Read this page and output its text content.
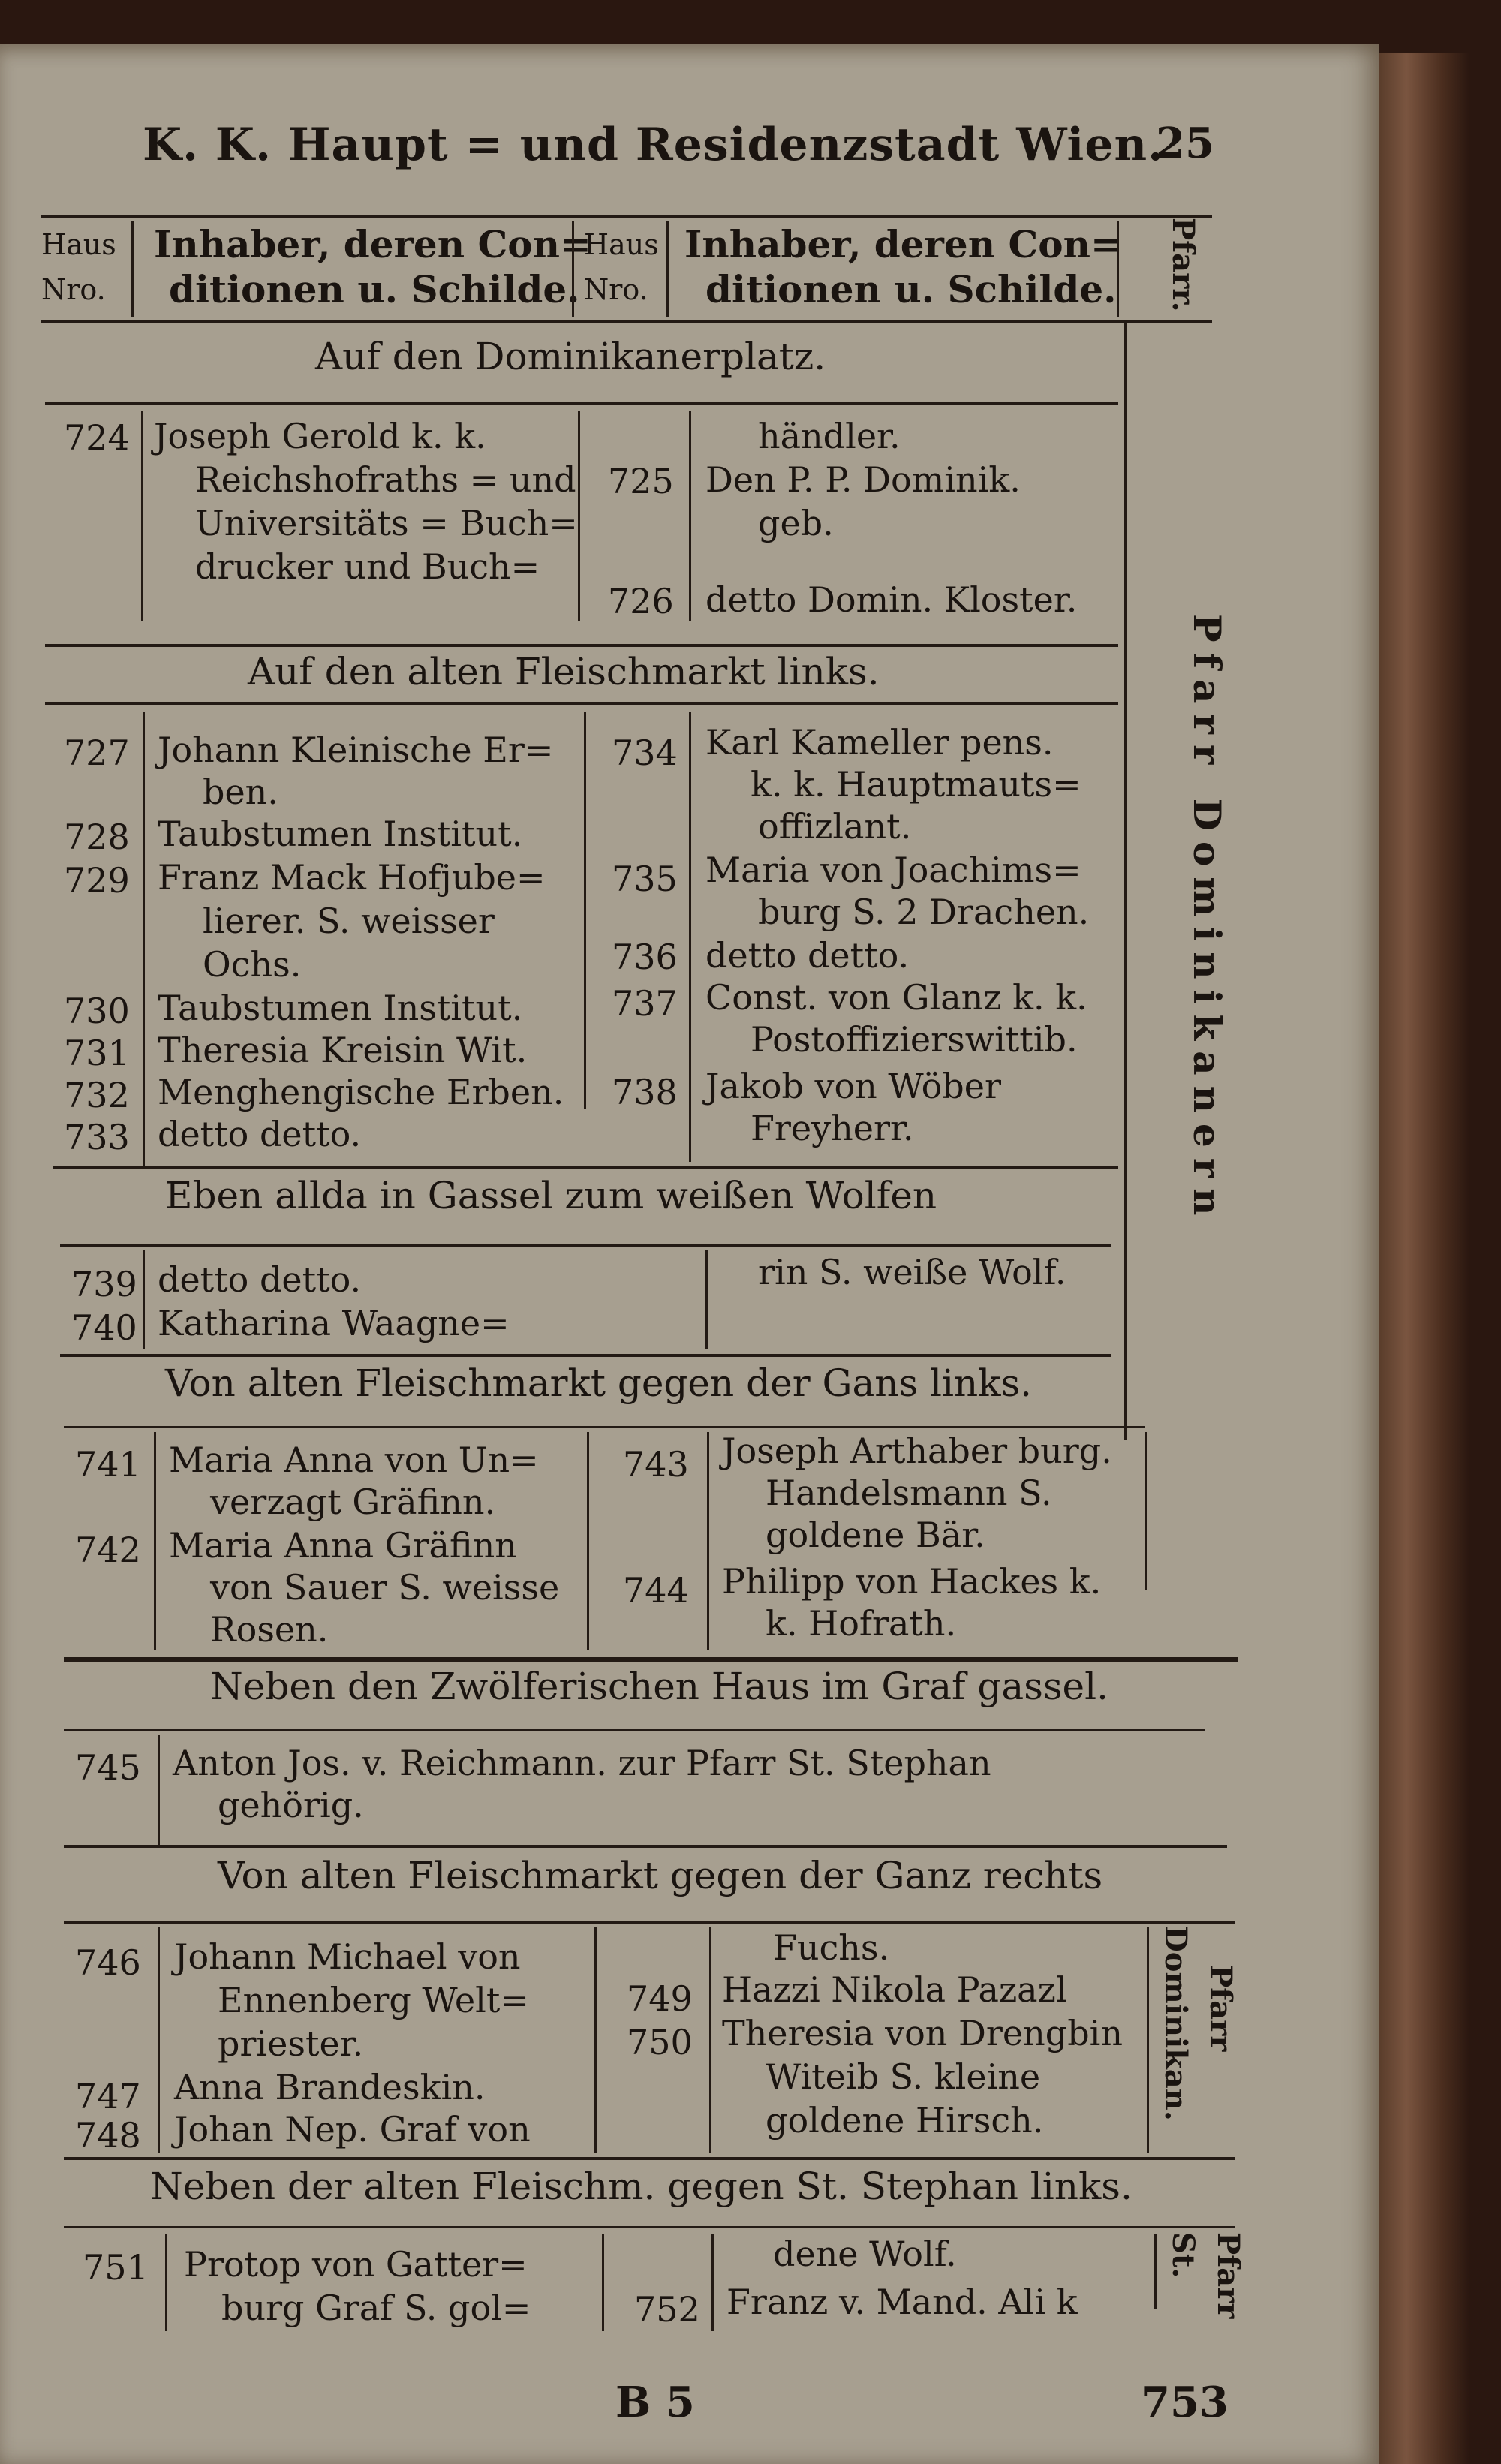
K. K. Haupt = und Residenzstadt Wien.
25
Haus
Nro.
Inhaber, deren Con=
ditionen u. Schilde.
Haus
Nro.
Inhaber, deren Con=
ditionen u. Schilde. Pfarr.
Pfarr Dominikanern
Auf den Dominikanerplatz.
724 Joseph Gerold k. k.
Reichshofraths = und
Universitäts = Buch=
drucker und Buch=
händler.
725 Den P. P. Dominik.
geb.
726 detto Domin. Kloster.
Auf den alten Fleischmarkt links.
727 Johann Kleinische Er=
ben.
728 Taubstumen Institut.
729 Franz Mack Hofjube=
lierer. S. weisser
Ochs.
730 Taubstumen Institut.
731 Theresia Kreisin Wit.
732 Menghengische Erben.
733 detto detto.
734 Karl Kameller pens.
k. k. Hauptmauts=
offizlant.
735 Maria von Joachims=
burg S. 2 Drachen.
736 detto detto.
737 Const. von Glanz k. k.
Postoffizierswittib.
738 Jakob von Wöber
Freyherr.
Eben allda in Gassel zum weißen Wolfen
739 detto detto.
740 Katharina Waagne=
rin S. weiße Wolf.
Von alten Fleischmarkt gegen der Gans links.
741 Maria Anna von Un=
verzagt Gräfinn.
742 Maria Anna Gräfinn
von Sauer S. weisse
Rosen.
743 Joseph Arthaber burg.
Handelsmann S.
goldene Bär.
744 Philipp von Hackes k.
k. Hofrath.
Neben den Zwölferischen Haus im Graf gassel.
745 Anton Jos. v. Reichmann. zur Pfarr St. Stephan
gehörig.
Von alten Fleischmarkt gegen der Ganz rechts
746 Johann Michael von
Ennenberg Welt=
priester.
747 Anna Brandeskin.
748 Johan Nep. Graf von
Fuchs.
749 Hazzi Nikola Pazazl
750 Theresia von Drengbin
Witeib S. kleine
goldene Hirsch.	Dominikan. Pfarr
Neben der alten Fleischm. gegen St. Stephan links.
751 Protop von Gatter=
burg Graf S. gol=
dene Wolf.
752 Franz v. Mand. Ali k
St. Pfarr
B 5	753
